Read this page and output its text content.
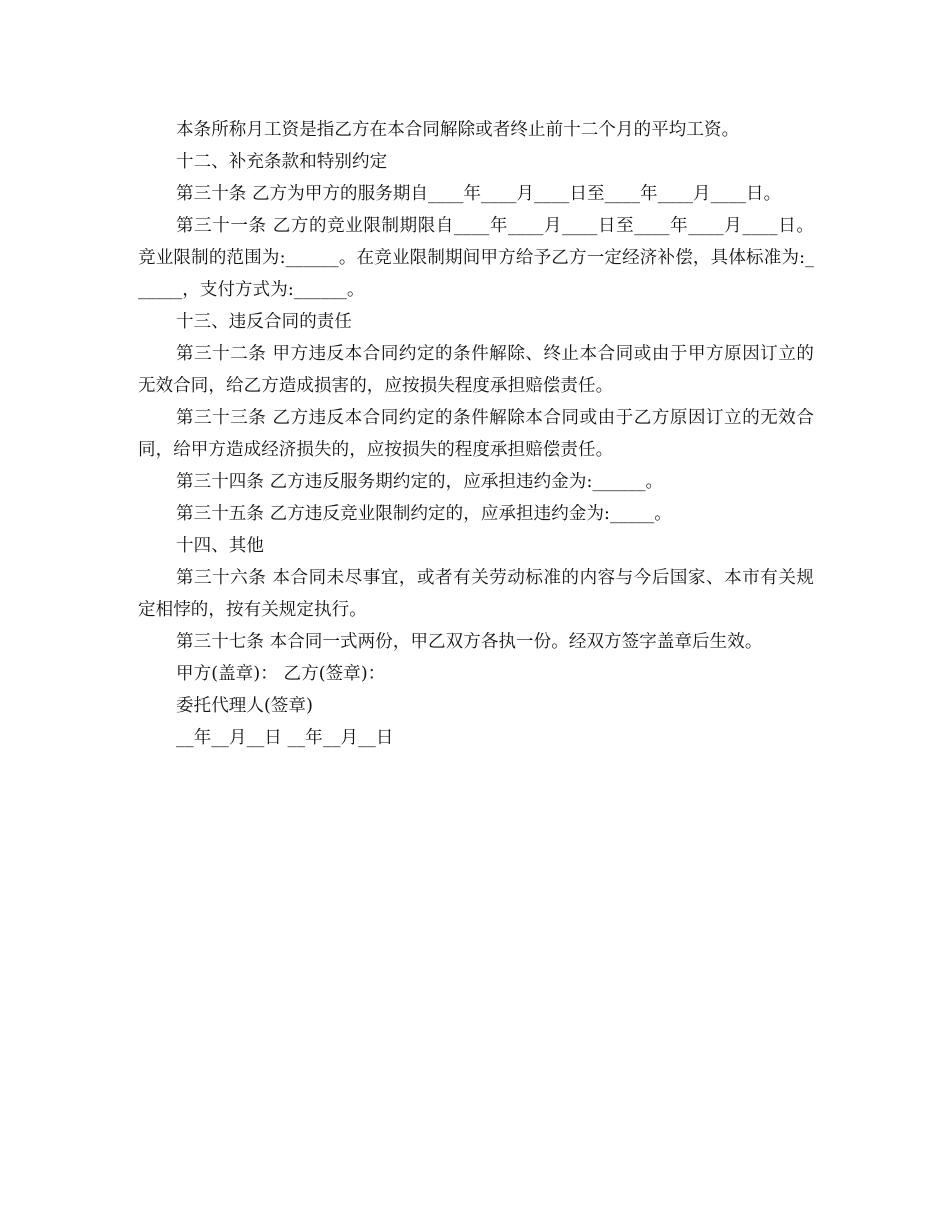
本条所称月工资是指乙方在本合同解除或者终止前十二个月的平均工资。

十二、补充条款和特别约定

第三十条 乙方为甲方的服务期自____年____月____日至____年____月____日。

第三十一条 乙方的竞业限制期限自____年____月____日至____年____月____日。竞业限制的范围为:______。在竞业限制期间甲方给予乙方一定经济补偿，具体标准为:______，支付方式为:______。

十三、违反合同的责任

第三十二条 甲方违反本合同约定的条件解除、终止本合同或由于甲方原因订立的无效合同，给乙方造成损害的，应按损失程度承担赔偿责任。

第三十三条 乙方违反本合同约定的条件解除本合同或由于乙方原因订立的无效合同，给甲方造成经济损失的，应按损失的程度承担赔偿责任。

第三十四条 乙方违反服务期约定的，应承担违约金为:______。

第三十五条 乙方违反竞业限制约定的，应承担违约金为:_____。

十四、其他

第三十六条 本合同未尽事宜，或者有关劳动标准的内容与今后国家、本市有关规定相悖的，按有关规定执行。

第三十七条 本合同一式两份，甲乙双方各执一份。经双方签字盖章后生效。

甲方(盖章)： 乙方(签章)：

委托代理人(签章)

__年__月__日 __年__月__日
